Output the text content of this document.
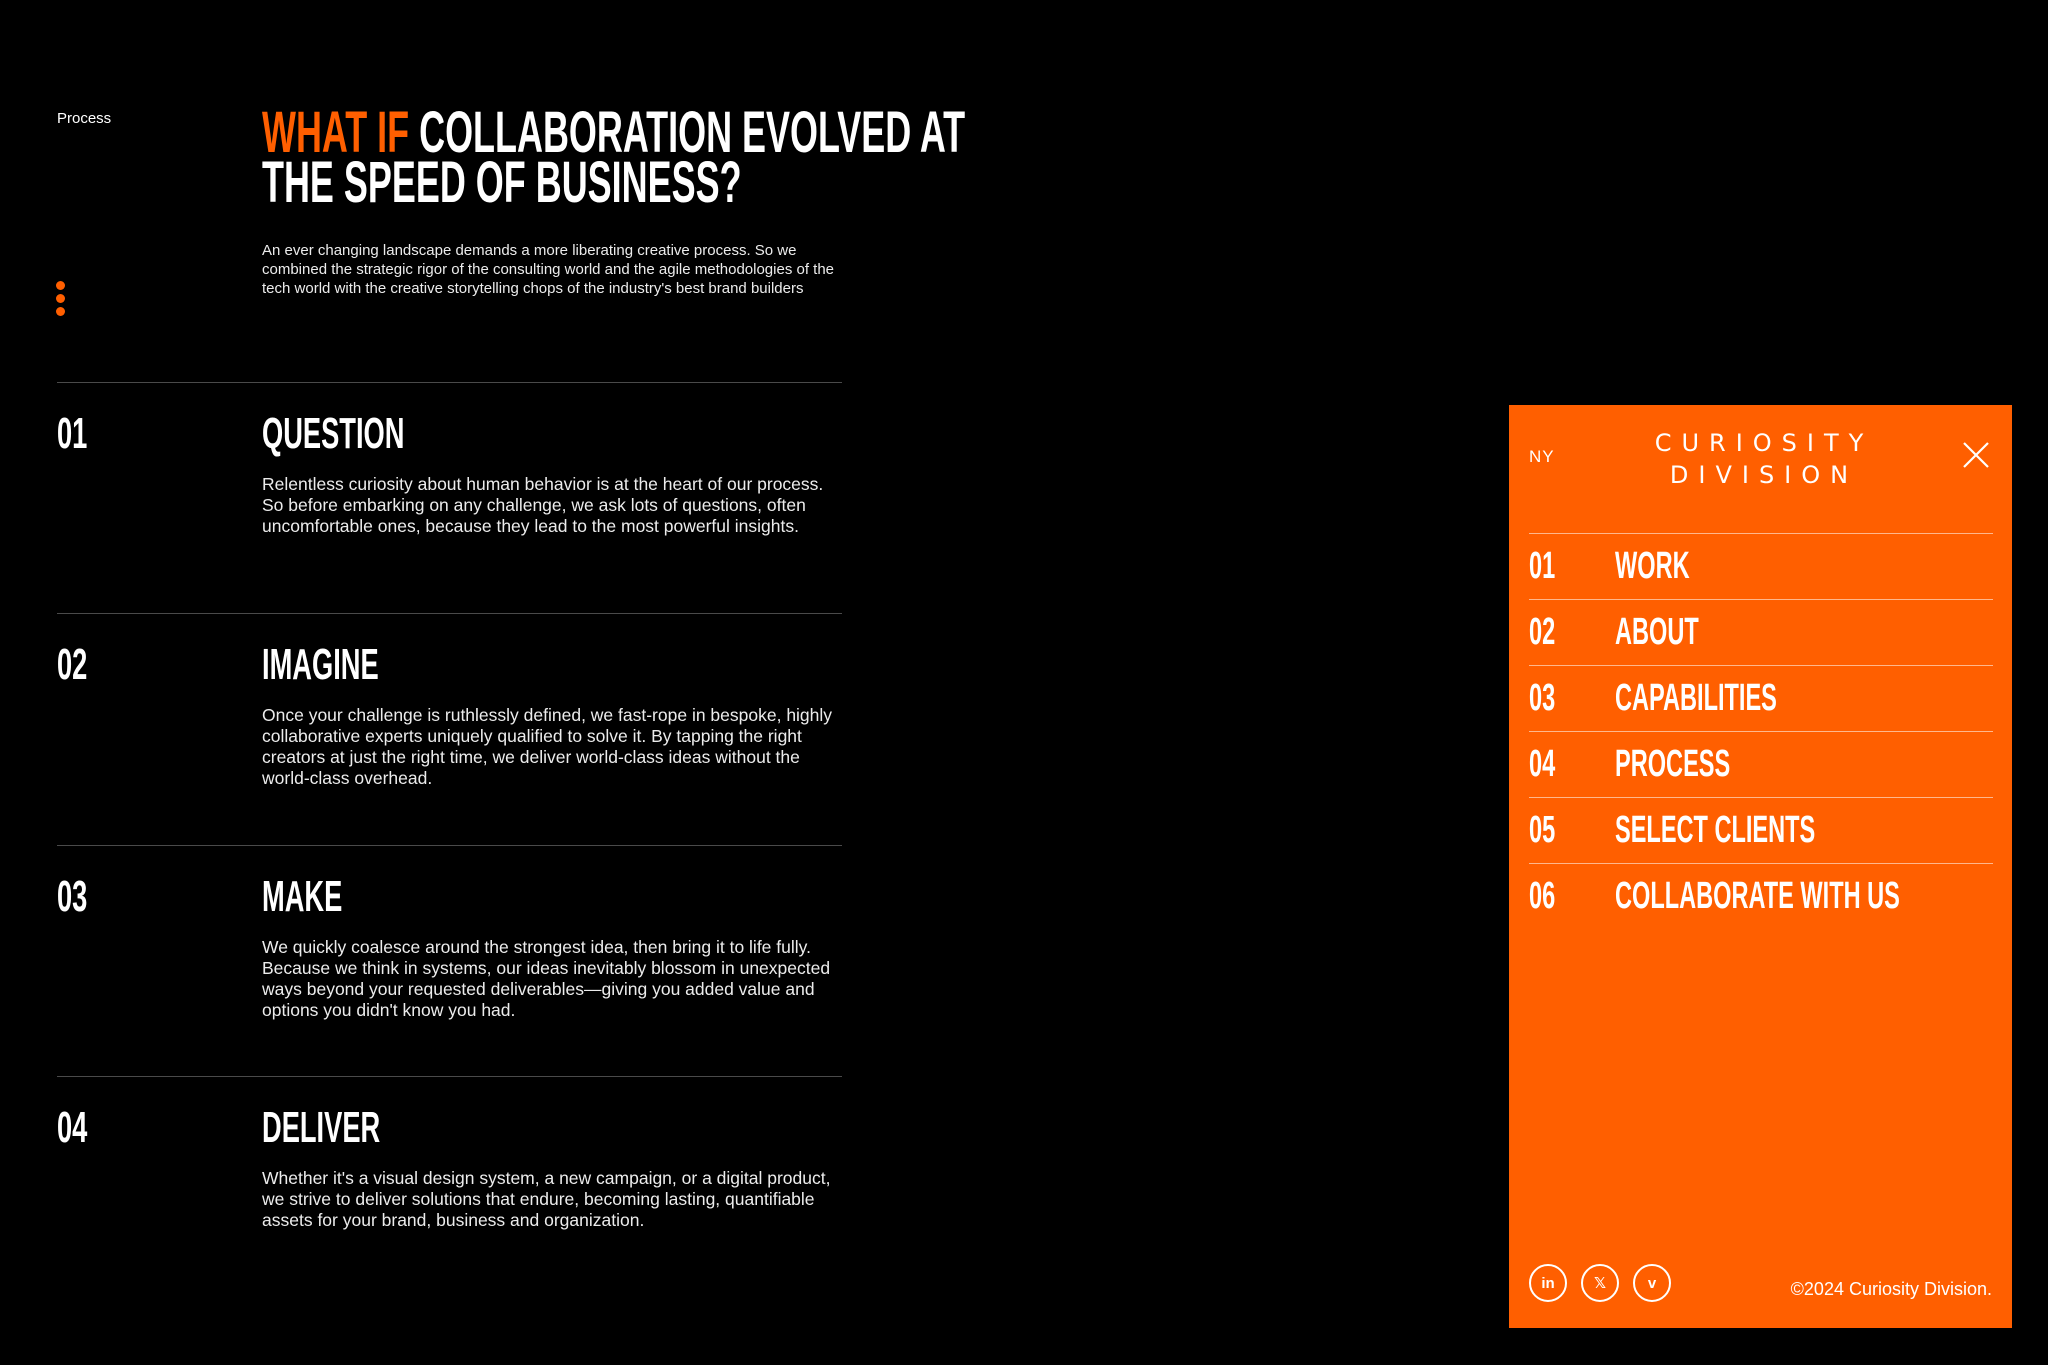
Process	WHAT IF COLLABORATION EVOLVED AT
THE SPEED OF BUSINESS?
An ever changing landscape demands a more liberating creative process. So we combined the strategic rigor of the consulting world and the agile methodologies of the tech world with the creative storytelling chops of the industry's best brand builders
01	QUESTION
Relentless curiosity about human behavior is at the heart of our process. So before embarking on any challenge, we ask lots of questions, often uncomfortable ones, because they lead to the most powerful insights.
02	IMAGINE
Once your challenge is ruthlessly defined, we fast-rope in bespoke, highly collaborative experts uniquely qualified to solve it. By tapping the right creators at just the right time, we deliver world-class ideas without the world-class overhead.
03	MAKE
We quickly coalesce around the strongest idea, then bring it to life fully. Because we think in systems, our ideas inevitably blossom in unexpected ways beyond your requested deliverables—giving you added value and options you didn't know you had.
04	DELIVER
Whether it's a visual design system, a new campaign, or a digital product, we strive to deliver solutions that endure, becoming lasting, quantifiable assets for your brand, business and organization.
NY	CURIOSITY
DIVISION
01	WORK
02	ABOUT
03	CAPABILITIES
04	PROCESS
05	SELECT CLIENTS
06	COLLABORATE WITH US
in	𝕏	v	©2024 Curiosity Division.
